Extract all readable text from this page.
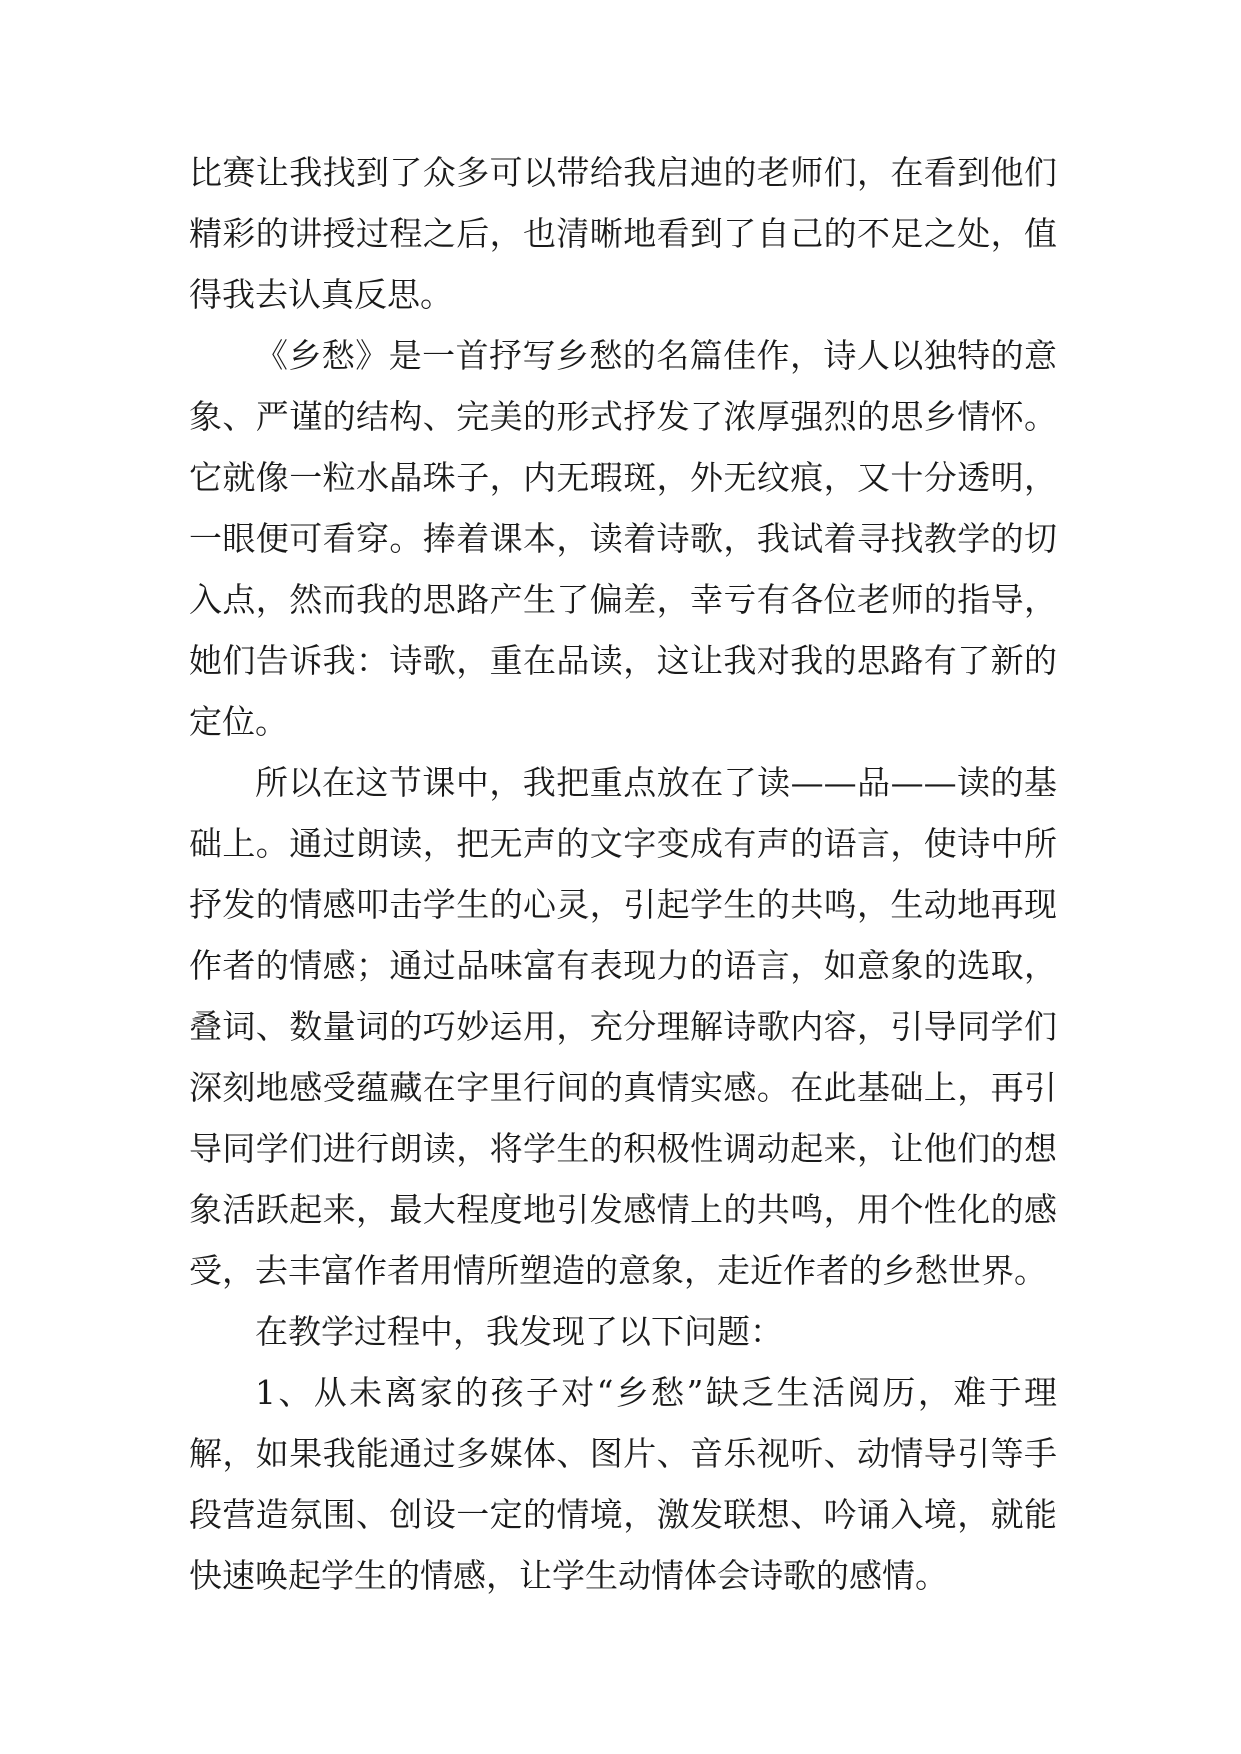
比赛让我找到了众多可以带给我启迪的老师们，在看到他们
精彩的讲授过程之后，也清晰地看到了自己的不足之处，值
得我去认真反思。
《乡愁》是一首抒写乡愁的名篇佳作，诗人以独特的意
象、严谨的结构、完美的形式抒发了浓厚强烈的思乡情怀。
它就像一粒水晶珠子，内无瑕斑，外无纹痕，又十分透明，
一眼便可看穿。捧着课本，读着诗歌，我试着寻找教学的切
入点，然而我的思路产生了偏差，幸亏有各位老师的指导，
她们告诉我：诗歌，重在品读，这让我对我的思路有了新的
定位。
所以在这节课中，我把重点放在了读——品——读的基
础上。通过朗读，把无声的文字变成有声的语言，使诗中所
抒发的情感叩击学生的心灵，引起学生的共鸣，生动地再现
作者的情感；通过品味富有表现力的语言，如意象的选取，
叠词、数量词的巧妙运用，充分理解诗歌内容，引导同学们
深刻地感受蕴藏在字里行间的真情实感。在此基础上，再引
导同学们进行朗读，将学生的积极性调动起来，让他们的想
象活跃起来，最大程度地引发感情上的共鸣，用个性化的感
受，去丰富作者用情所塑造的意象，走近作者的乡愁世界。
在教学过程中，我发现了以下问题：
1、从未离家的孩子对“乡愁”缺乏生活阅历，难于理
解，如果我能通过多媒体、图片、音乐视听、动情导引等手
段营造氛围、创设一定的情境，激发联想、吟诵入境，就能
快速唤起学生的情感，让学生动情体会诗歌的感情。
